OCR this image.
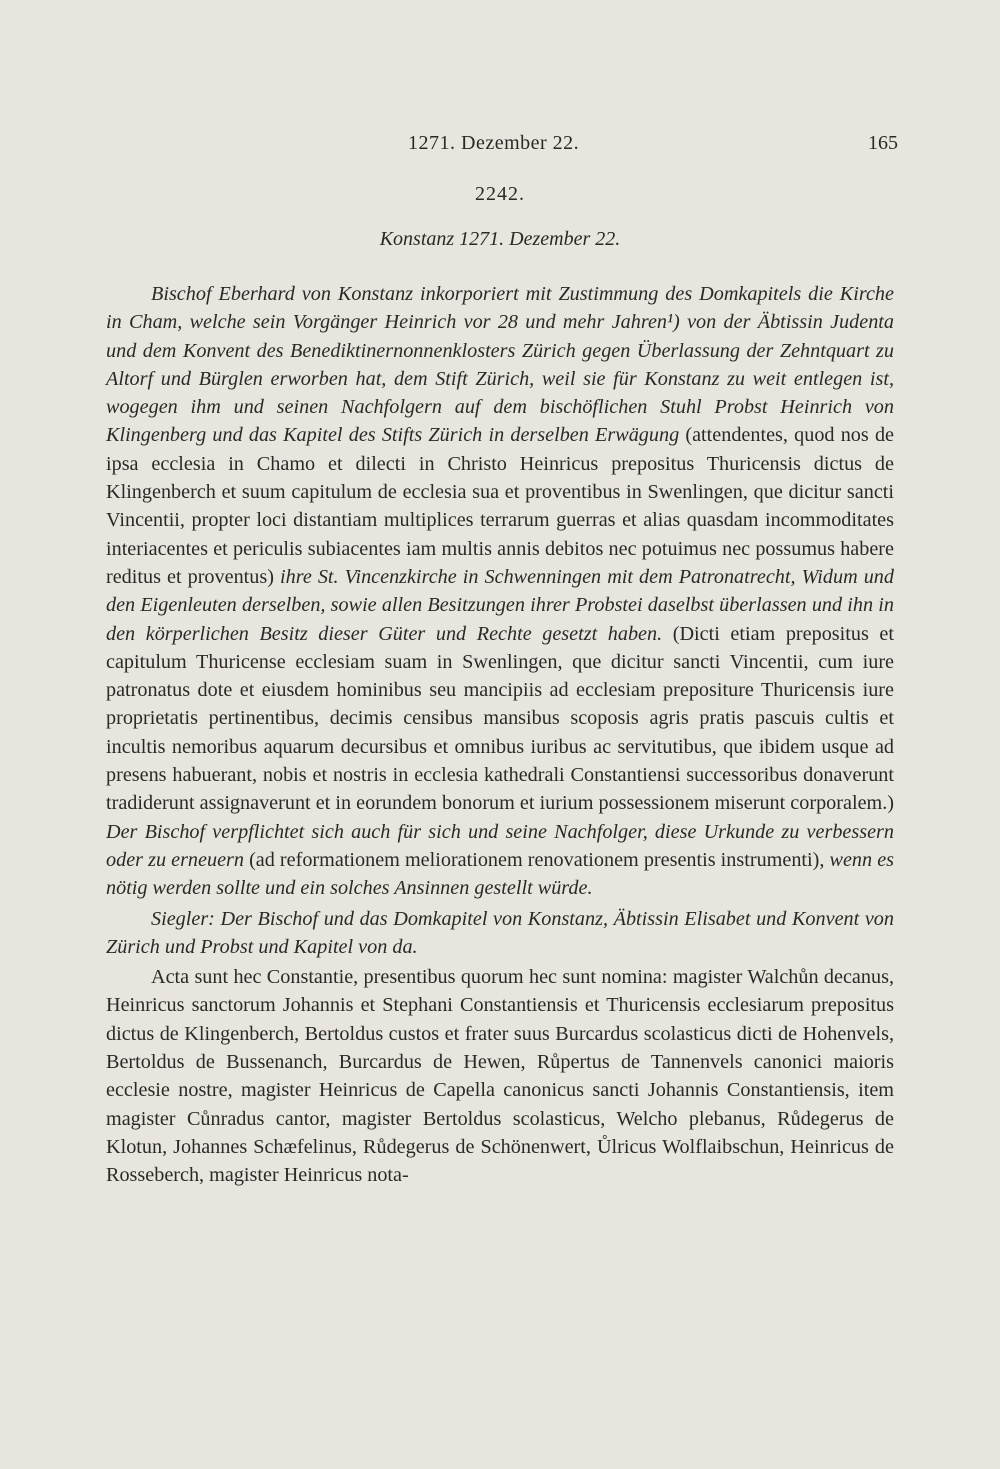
1271. Dezember 22.	165
2242.
Konstanz 1271. Dezember 22.

Bischof Eberhard von Konstanz inkorporiert mit Zustimmung des Domkapitels die Kirche in Cham, welche sein Vorgänger Heinrich vor 28 und mehr Jahren¹) von der Äbtissin Judenta und dem Konvent des Benediktinernonnenklosters Zürich gegen Überlassung der Zehntquart zu Altorf und Bürglen erworben hat, dem Stift Zürich, weil sie für Konstanz zu weit entlegen ist, wogegen ihm und seinen Nachfolgern auf dem bischöflichen Stuhl Probst Heinrich von Klingenberg und das Kapitel des Stifts Zürich in derselben Erwägung (attendentes, quod nos de ipsa ecclesia in Chamo et dilecti in Christo Heinricus prepositus Thuricensis dictus de Klingenberch et suum capitulum de ecclesia sua et proventibus in Swenlingen, que dicitur sancti Vincentii, propter loci distantiam multiplices terrarum guerras et alias quasdam incommoditates interiacentes et periculis subiacentes iam multis annis debitos nec potuimus nec possumus habere reditus et proventus) ihre St. Vincenzkirche in Schwenningen mit dem Patronatrecht, Widum und den Eigenleuten derselben, sowie allen Besitzungen ihrer Probstei daselbst überlassen und ihn in den körperlichen Besitz dieser Güter und Rechte gesetzt haben. (Dicti etiam prepositus et capitulum Thuricense ecclesiam suam in Swenlingen, que dicitur sancti Vincentii, cum iure patronatus dote et eiusdem hominibus seu mancipiis ad ecclesiam prepositure Thuricensis iure proprietatis pertinentibus, decimis censibus mansibus scoposis agris pratis pascuis cultis et incultis nemoribus aquarum decursibus et omnibus iuribus ac servitutibus, que ibidem usque ad presens habuerant, nobis et nostris in ecclesia kathedrali Constantiensi successoribus donaverunt tradiderunt assignaverunt et in eorundem bonorum et iurium possessionem miserunt corporalem.) Der Bischof verpflichtet sich auch für sich und seine Nachfolger, diese Urkunde zu verbessern oder zu erneuern (ad reformationem meliorationem renovationem presentis instrumenti), wenn es nötig werden sollte und ein solches Ansinnen gestellt würde.

Siegler: Der Bischof und das Domkapitel von Konstanz, Äbtissin Elisabet und Konvent von Zürich und Probst und Kapitel von da.

Acta sunt hec Constantie, presentibus quorum hec sunt nomina: magister Walchůn decanus, Heinricus sanctorum Johannis et Stephani Constantiensis et Thuricensis ecclesiarum prepositus dictus de Klingenberch, Bertoldus custos et frater suus Burcardus scolasticus dicti de Hohenvels, Bertoldus de Bussenanch, Burcardus de Hewen, Růpertus de Tannenvels canonici maioris ecclesie nostre, magister Heinricus de Capella canonicus sancti Johannis Constantiensis, item magister Cůnradus cantor, magister Bertoldus scolasticus, Welcho plebanus, Růdegerus de Klotun, Johannes Schæfelinus, Růdegerus de Schönenwert, Ůlricus Wolflaibschun, Heinricus de Rosseberch, magister Heinricus nota-
